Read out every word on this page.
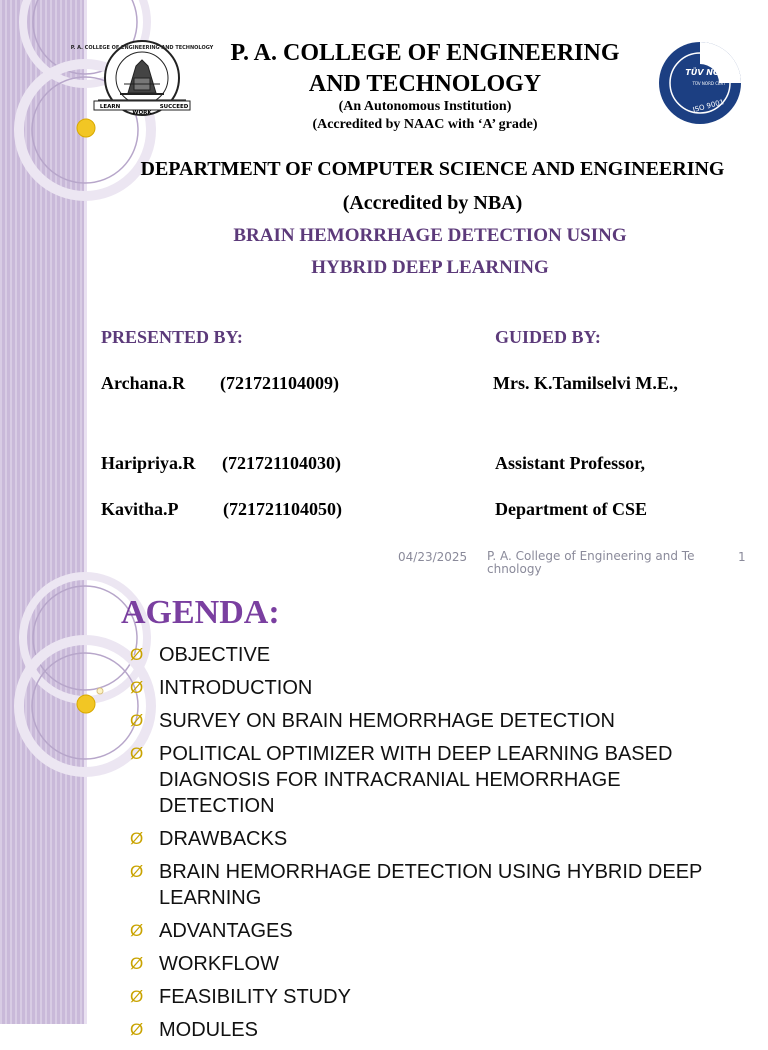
P. A. COLLEGE OF ENGINEERING AND TECHNOLOGY
LEARN
WORK
SUCCEED
TÜV NORD
TÜV NORD CERT
ISO 9001
P. A. COLLEGE OF ENGINEERING
AND TECHNOLOGY
(An Autonomous Institution)
(Accredited by NAAC with ‘A’ grade)
DEPARTMENT OF COMPUTER SCIENCE AND ENGINEERING
(Accredited by NBA)
BRAIN HEMORRHAGE DETECTION USING
HYBRID DEEP LEARNING
PRESENTED BY:	GUIDED BY:
Archana.R (721721104009)
Haripriya.R (721721104030)
Kavitha.P (721721104050)
Mrs. K.Tamilselvi M.E.,
Assistant Professor,
Department of CSE
04/23/2025 P. A. College of Engineering and Te
chnology
1
AGENDA:
Ø OBJECTIVE
Ø INTRODUCTION
Ø SURVEY ON BRAIN HEMORRHAGE DETECTION
Ø POLITICAL OPTIMIZER WITH DEEP LEARNING BASED DIAGNOSIS FOR INTRACRANIAL HEMORRHAGE DETECTION
Ø DRAWBACKS
Ø BRAIN HEMORRHAGE DETECTION USING HYBRID DEEP LEARNING
Ø ADVANTAGES
Ø WORKFLOW
Ø FEASIBILITY STUDY
Ø MODULES
